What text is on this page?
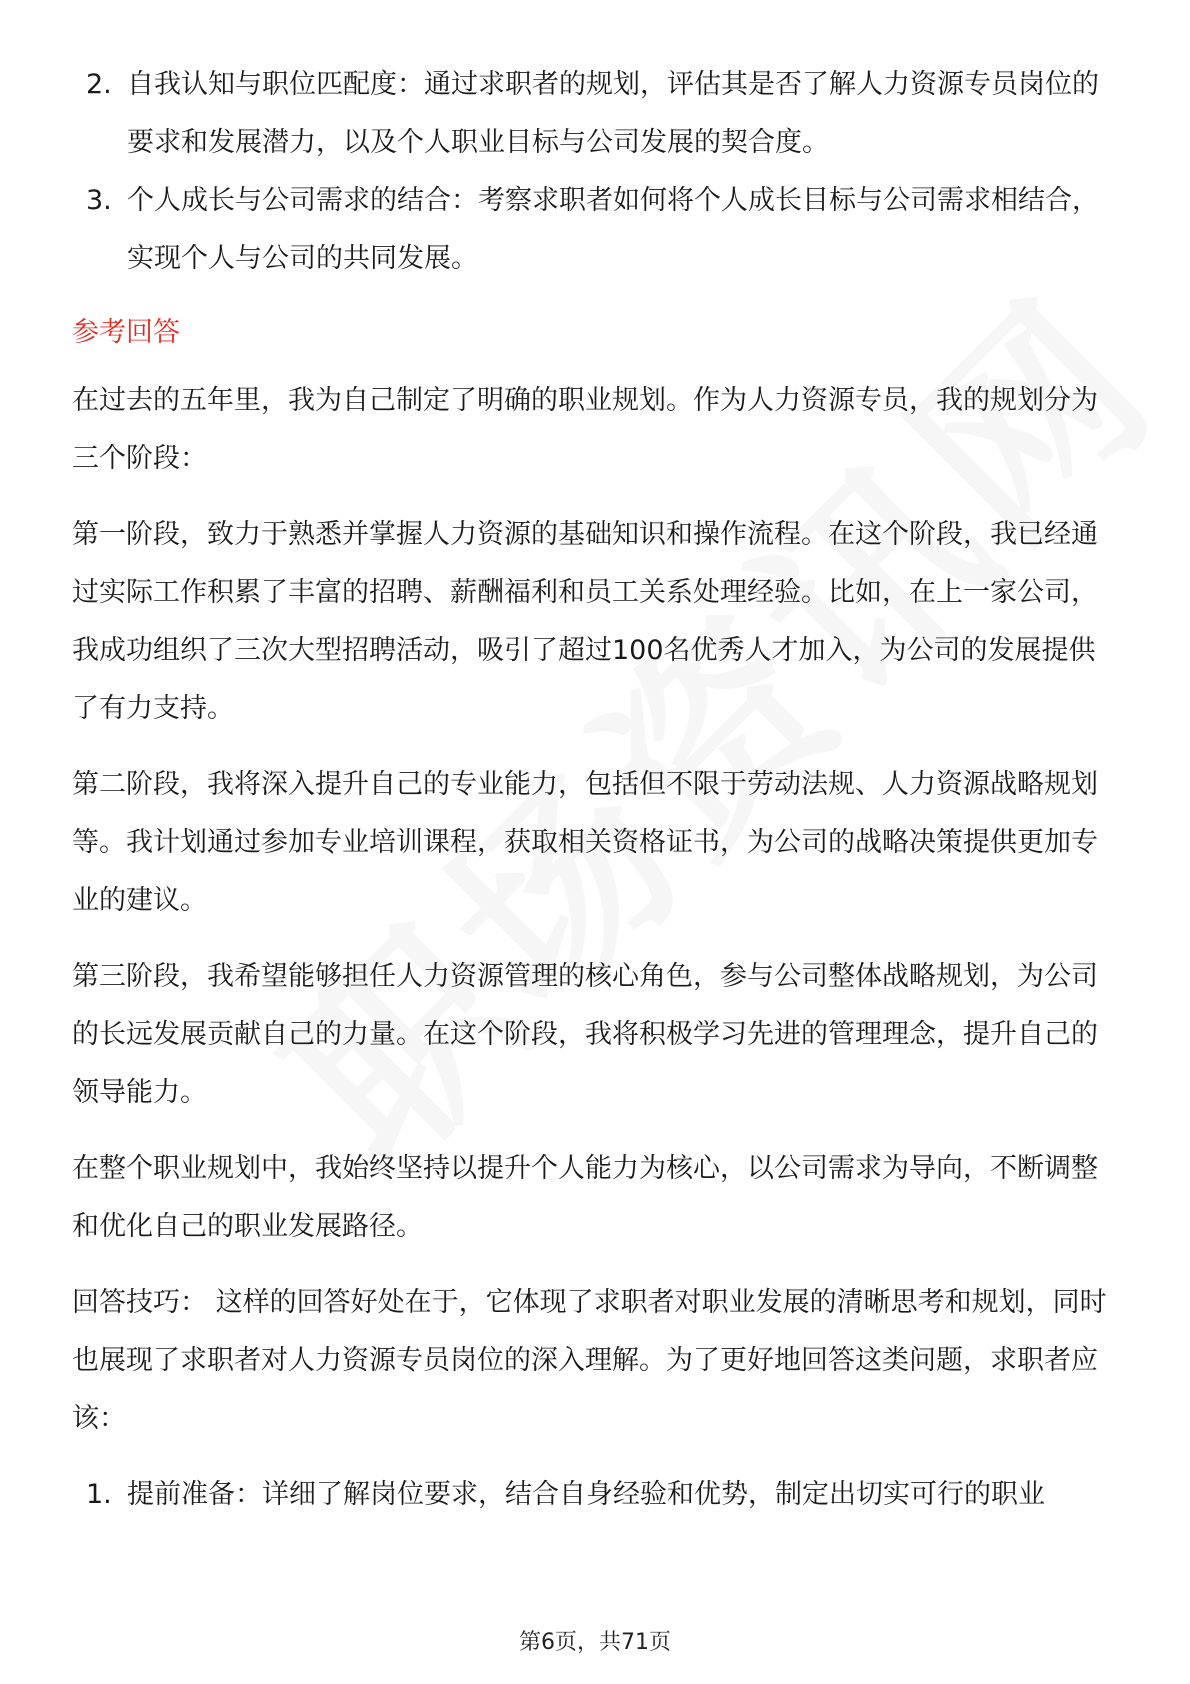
2. 自我认知与职位匹配度：通过求职者的规划，评估其是否了解人力资源专员岗位的要求和发展潜力，以及个人职业目标与公司发展的契合度。
3. 个人成长与公司需求的结合：考察求职者如何将个人成长目标与公司需求相结合，实现个人与公司的共同发展。
参考回答
在过去的五年里，我为自己制定了明确的职业规划。作为人力资源专员，我的规划分为三个阶段：
第一阶段，致力于熟悉并掌握人力资源的基础知识和操作流程。在这个阶段，我已经通过实际工作积累了丰富的招聘、薪酬福利和员工关系处理经验。比如，在上一家公司，我成功组织了三次大型招聘活动，吸引了超过100名优秀人才加入，为公司的发展提供了有力支持。
第二阶段，我将深入提升自己的专业能力，包括但不限于劳动法规、人力资源战略规划等。我计划通过参加专业培训课程，获取相关资格证书，为公司的战略决策提供更加专业的建议。
第三阶段，我希望能够担任人力资源管理的核心角色，参与公司整体战略规划，为公司的长远发展贡献自己的力量。在这个阶段，我将积极学习先进的管理理念，提升自己的领导能力。
在整个职业规划中，我始终坚持以提升个人能力为核心，以公司需求为导向，不断调整和优化自己的职业发展路径。
回答技巧： 这样的回答好处在于，它体现了求职者对职业发展的清晰思考和规划，同时也展现了求职者对人力资源专员岗位的深入理解。为了更好地回答这类问题，求职者应该：
1. 提前准备：详细了解岗位要求，结合自身经验和优势，制定出切实可行的职业
第6页，共71页
